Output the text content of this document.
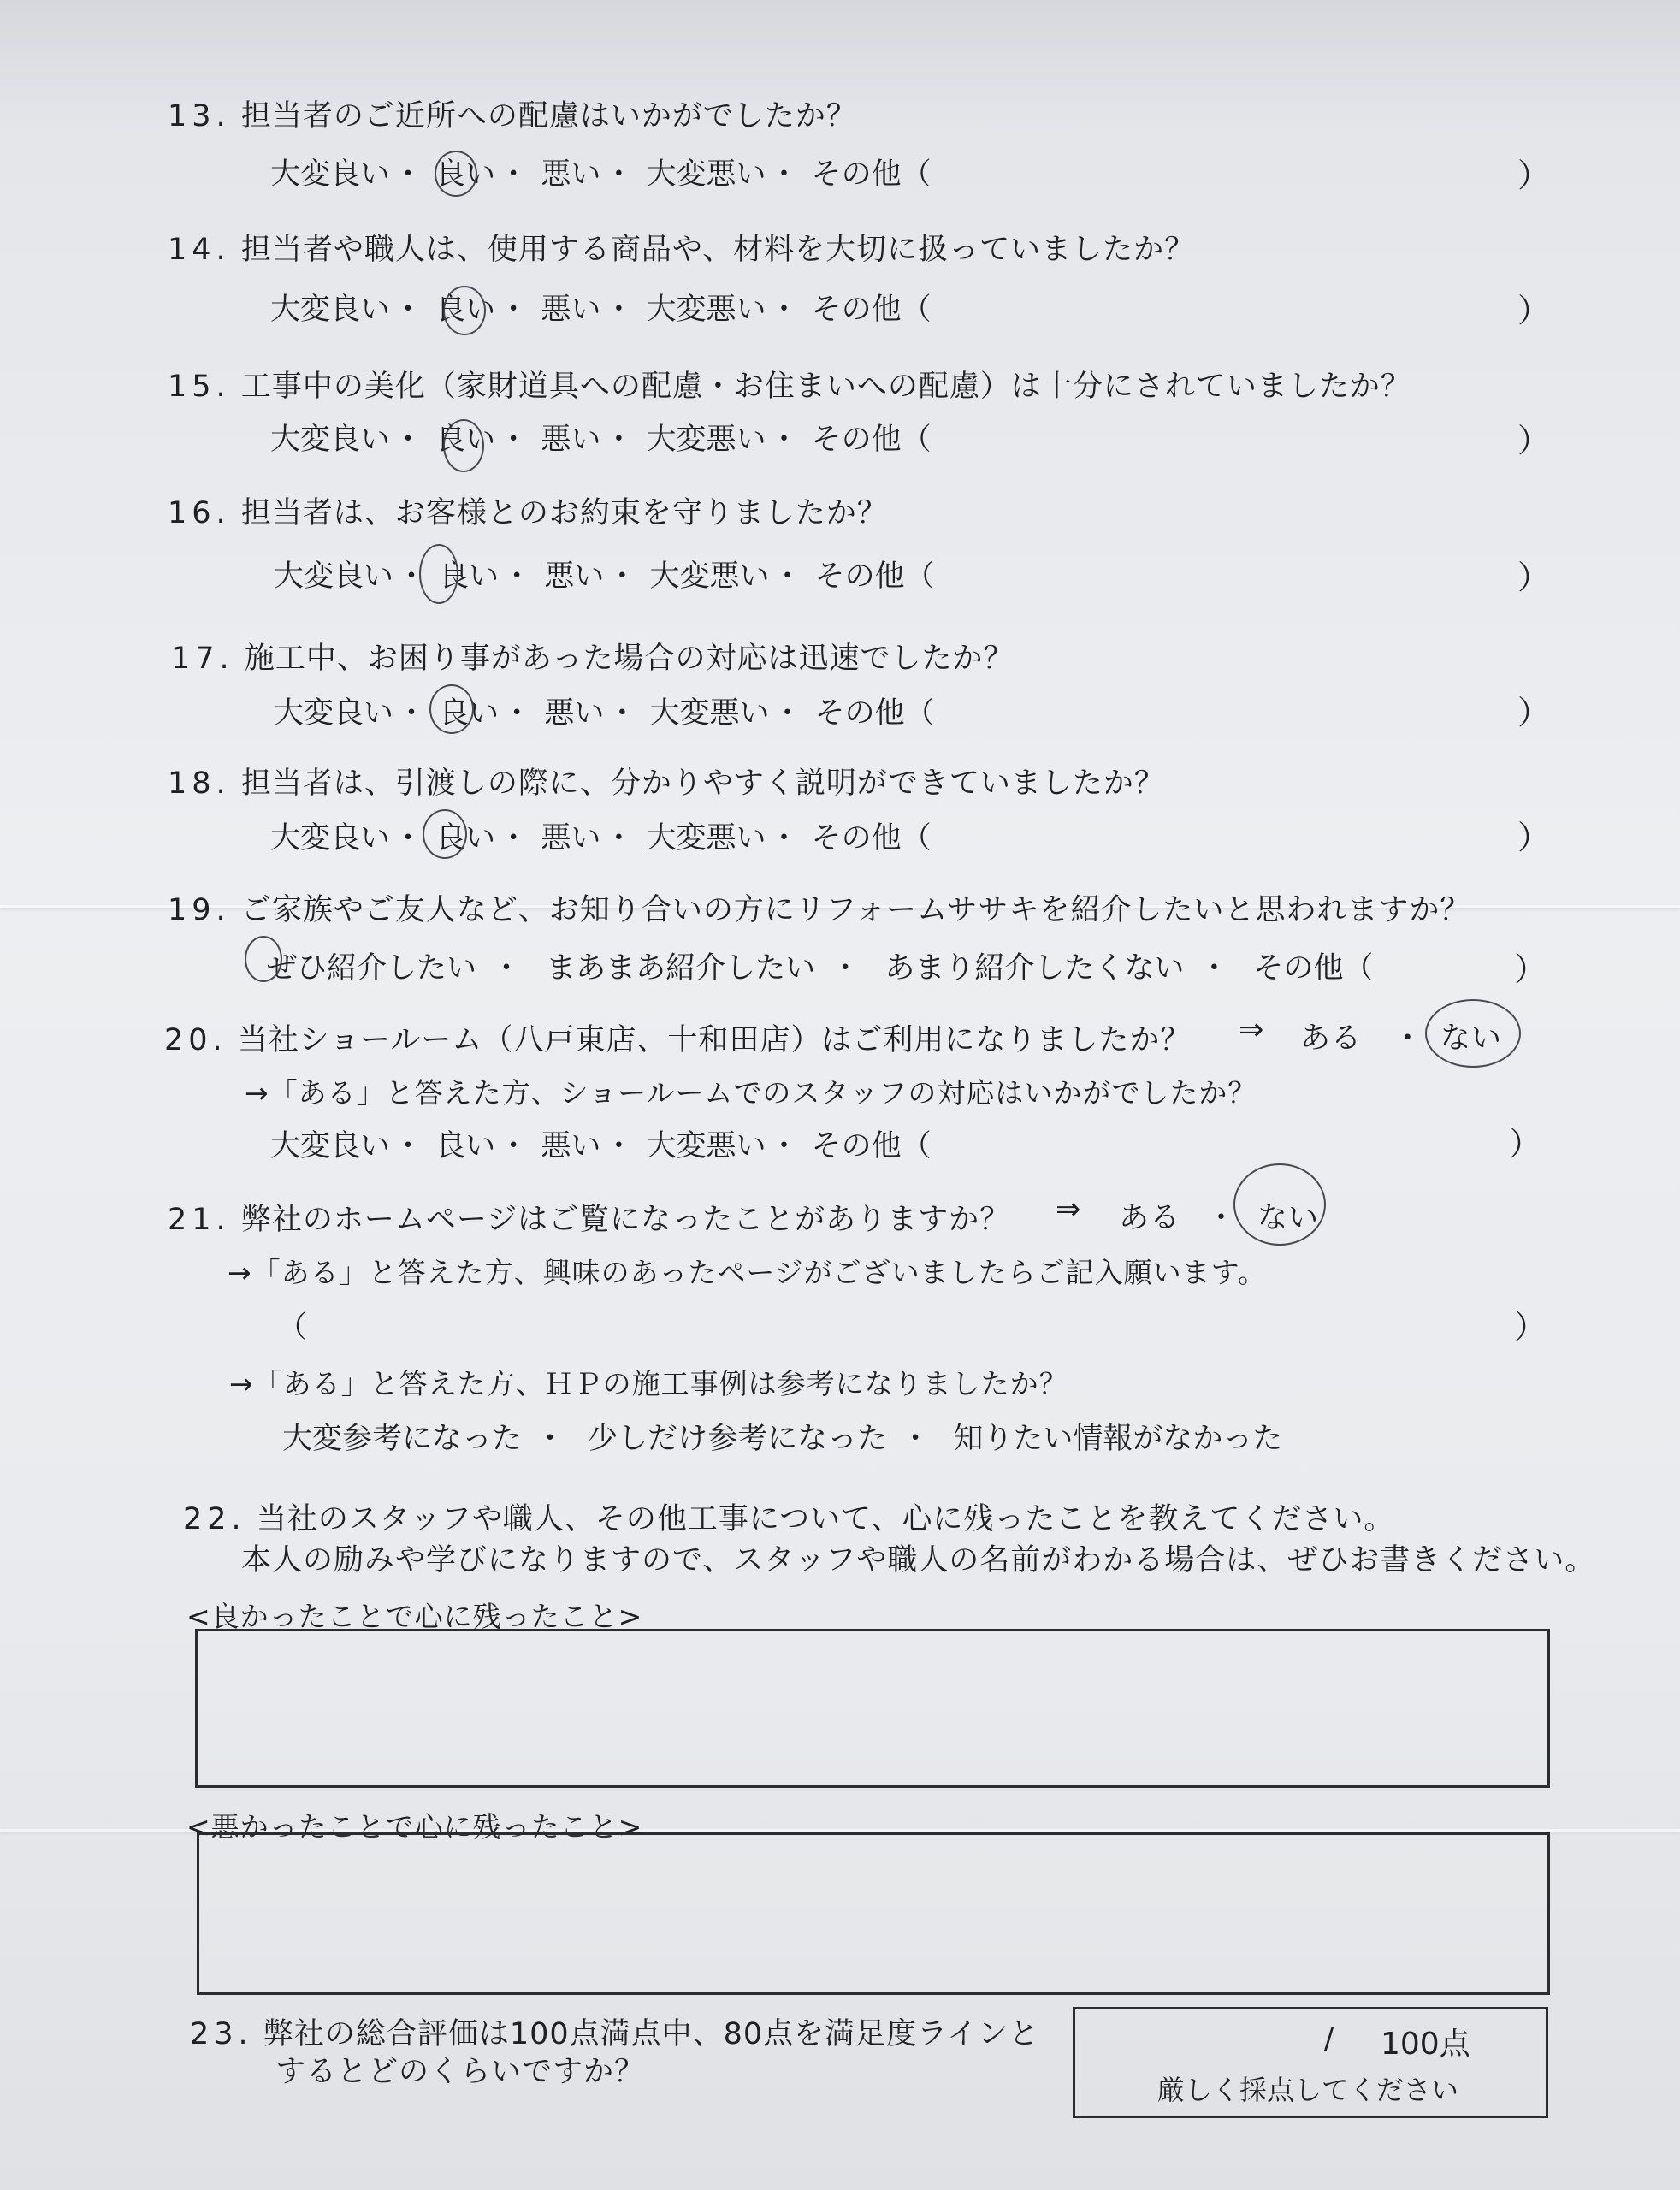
13. 担当者のご近所への配慮はいかがでしたか？
大変良い・ 良い・ 悪い・ 大変悪い・ その他（	）
14. 担当者や職人は、使用する商品や、材料を大切に扱っていましたか？
大変良い・ 良い・ 悪い・ 大変悪い・ その他（	）
15. 工事中の美化（家財道具への配慮・お住まいへの配慮）は十分にされていましたか？
大変良い・ 良い・ 悪い・ 大変悪い・ その他（	）
16. 担当者は、お客様とのお約束を守りましたか？
大変良い・ 良い・ 悪い・ 大変悪い・ その他（	）
17. 施工中、お困り事があった場合の対応は迅速でしたか？
大変良い・ 良い・ 悪い・ 大変悪い・ その他（	）
18. 担当者は、引渡しの際に、分かりやすく説明ができていましたか？
大変良い・ 良い・ 悪い・ 大変悪い・ その他（	）
19. ご家族やご友人など、お知り合いの方にリフォームササキを紹介したいと思われますか？
ぜひ紹介したい ・ まあまあ紹介したい ・ あまり紹介したくない ・ その他（	）
20. 当社ショールーム（八戸東店、十和田店）はご利用になりましたか？ ⇒ ある ・ ない
→「ある」と答えた方、ショールームでのスタッフの対応はいかがでしたか？
大変良い・ 良い・ 悪い・ 大変悪い・ その他（	）
21. 弊社のホームページはご覧になったことがありますか？ ⇒ ある ・ ない
→「ある」と答えた方、興味のあったページがございましたらご記入願います。
（	）
→「ある」と答えた方、ＨＰの施工事例は参考になりましたか？
大変参考になった ・ 少しだけ参考になった ・ 知りたい情報がなかった
22. 当社のスタッフや職人、その他工事について、心に残ったことを教えてください。
本人の励みや学びになりますので、スタッフや職人の名前がわかる場合は、ぜひお書きください。
<良かったことで心に残ったこと>
<悪かったことで心に残ったこと>
23. 弊社の総合評価は100点満点中、80点を満足度ラインと
するとどのくらいですか？
/ 100点
厳しく採点してください
